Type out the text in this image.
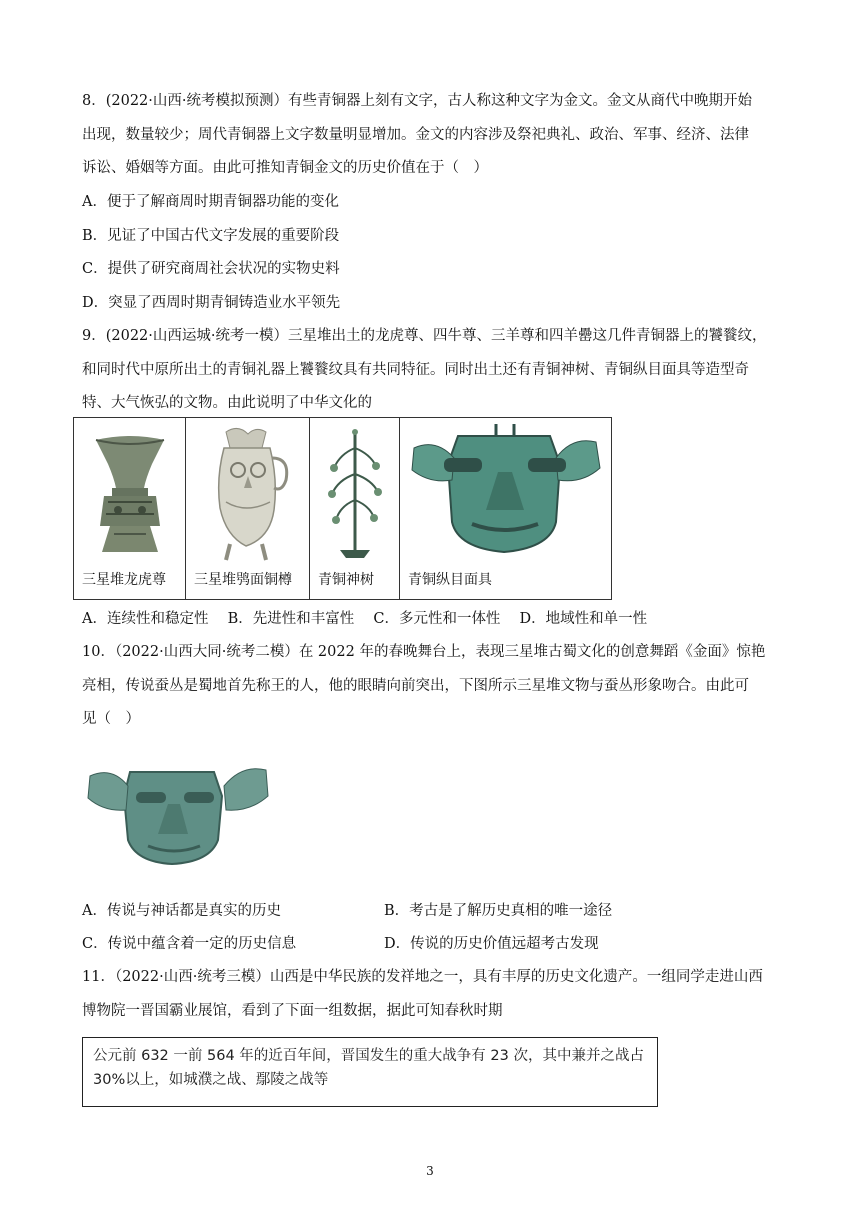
8．(2022·山西·统考模拟预测）有些青铜器上刻有文字，古人称这种文字为金文。金文从商代中晚期开始
出现，数量较少；周代青铜器上文字数量明显增加。金文的内容涉及祭祀典礼、政治、军事、经济、法律
诉讼、婚姻等方面。由此可推知青铜金文的历史价值在于（　）
A．便于了解商周时期青铜器功能的变化
B．见证了中国古代文字发展的重要阶段
C．提供了研究商周社会状况的实物史料
D．突显了西周时期青铜铸造业水平领先
9．(2022·山西运城·统考一模）三星堆出土的龙虎尊、四牛尊、三羊尊和四羊罍这几件青铜器上的饕餮纹，
和同时代中原所出土的青铜礼器上饕餮纹具有共同特征。同时出土还有青铜神树、青铜纵目面具等造型奇
特、大气恢弘的文物。由此说明了中华文化的
三星堆龙虎尊 三星堆鸮面铜樽 青铜神树 青铜纵目面具
A．连续性和稳定性　 B．先进性和丰富性　 C．多元性和一体性　 D．地域性和单一性
10．（2022·山西大同·统考二模）在 2022 年的春晚舞台上，表现三星堆古蜀文化的创意舞蹈《金面》惊艳
亮相，传说蚕丛是蜀地首先称王的人，他的眼睛向前突出，下图所示三星堆文物与蚕丛形象吻合。由此可
见（　）
A．传说与神话都是真实的历史	B．考古是了解历史真相的唯一途径
C．传说中蕴含着一定的历史信息	D．传说的历史价值远超考古发现
11．（2022·山西·统考三模）山西是中华民族的发祥地之一，具有丰厚的历史文化遗产。一组同学走进山西
博物院一晋国霸业展馆，看到了下面一组数据，据此可知春秋时期
公元前 632 一前 564 年的近百年间，晋国发生的重大战争有 23 次，其中兼并之战占
30%以上，如城濮之战、鄢陵之战等
3
